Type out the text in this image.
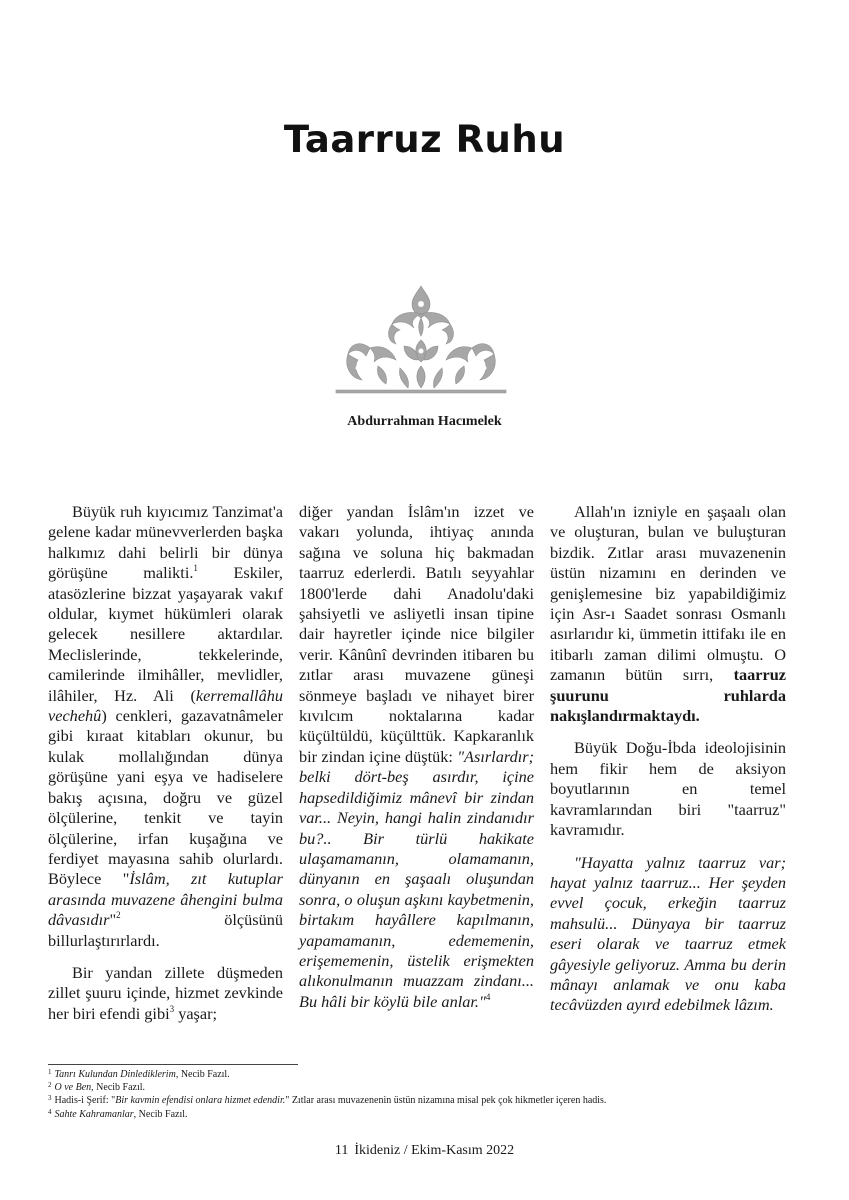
Taarruz Ruhu
Abdurrahman Hacımelek

Büyük ruh kıyıcımız Tanzimat'a gelene kadar münevverlerden başka halkımız dahi belirli bir dünya görüşüne malikti.$^1$ Eskiler, atasözlerine bizzat yaşayarak vakıf oldular, kıymet hükümleri olarak gelecek nesillere aktardılar. Meclislerinde, tekkelerinde, camilerinde ilmihâller, mevlidler, ilâhiler, Hz. Ali (kerremallâhu vechehû) cenkleri, gazavatnâmeler gibi kıraat kitabları okunur, bu kulak mollalığından dünya görüşüne yani eşya ve hadiselere bakış açısına, doğru ve güzel ölçülerine, tenkit ve tayin ölçülerine, irfan kuşağına ve ferdiyet mayasına sahib olurlardı. Böylece "İslâm, zıt kutuplar arasında muvazene âhengini bulma dâvasıdır"$^2$ ölçüsünü billurlaştırırlardı.

Bir yandan zillete düşmeden zillet şuuru içinde, hizmet zevkinde her biri efendi gibi$^3$ yaşar;

diğer yandan İslâm'ın izzet ve vakarı yolunda, ihtiyaç anında sağına ve soluna hiç bakmadan taarruz ederlerdi. Batılı seyyahlar 1800'lerde dahi Anadolu'daki şahsiyetli ve asliyetli insan tipine dair hayretler içinde nice bilgiler verir. Kânûnî devrinden itibaren bu zıtlar arası muvazene güneşi sönmeye başladı ve nihayet birer kıvılcım noktalarına kadar küçültüldü, küçülttük. Kapkaranlık bir zindan içine düştük: "Asırlardır; belki dört-beş asırdır, içine hapsedildiğimiz mânevî bir zindan var... Neyin, hangi halin zindanıdır bu?.. Bir türlü hakikate ulaşamamanın, olamamanın, dünyanın en şaşaalı oluşundan sonra, o oluşun aşkını kaybetmenin, birtakım hayâllere kapılmanın, yapamamanın, edememenin, erişememenin, üstelik erişmekten alıkonulmanın muazzam zindanı... Bu hâli bir köylü bile anlar."$^4$

Allah'ın izniyle en şaşaalı olan ve oluşturan, bulan ve buluşturan bizdik. Zıtlar arası muvazenenin üstün nizamını en derinden ve genişlemesine biz yapabildiğimiz için Asr-ı Saadet sonrası Osmanlı asırlarıdır ki, ümmetin ittifakı ile en itibarlı zaman dilimi olmuştu. O zamanın bütün sırrı, taarruz şuurunu ruhlarda nakışlandırmaktaydı.

Büyük Doğu-İbda ideolojisinin hem fikir hem de aksiyon boyutlarının en temel kavramlarından biri "taarruz" kavramıdır.

"Hayatta yalnız taarruz var; hayat yalnız taarruz... Her şeyden evvel çocuk, erkeğin taarruz mahsulü... Dünyaya bir taarruz eseri olarak ve taarruz etmek gâyesiyle geliyoruz. Amma bu derin mânayı anlamak ve onu kaba tecâvüzden ayırd edebilmek lâzım.

$^1$ Tanrı Kulundan Dinlediklerim, Necib Fazıl.
$^2$ O ve Ben, Necib Fazıl.
$^3$ Hadis-i Şerif: "Bir kavmin efendisi onlara hizmet edendir." Zıtlar arası muvazenenin üstün nizamına misal pek çok hikmetler içeren hadis.
$^4$ Sahte Kahramanlar, Necib Fazıl.
11 İkideniz / Ekim-Kasım 2022
